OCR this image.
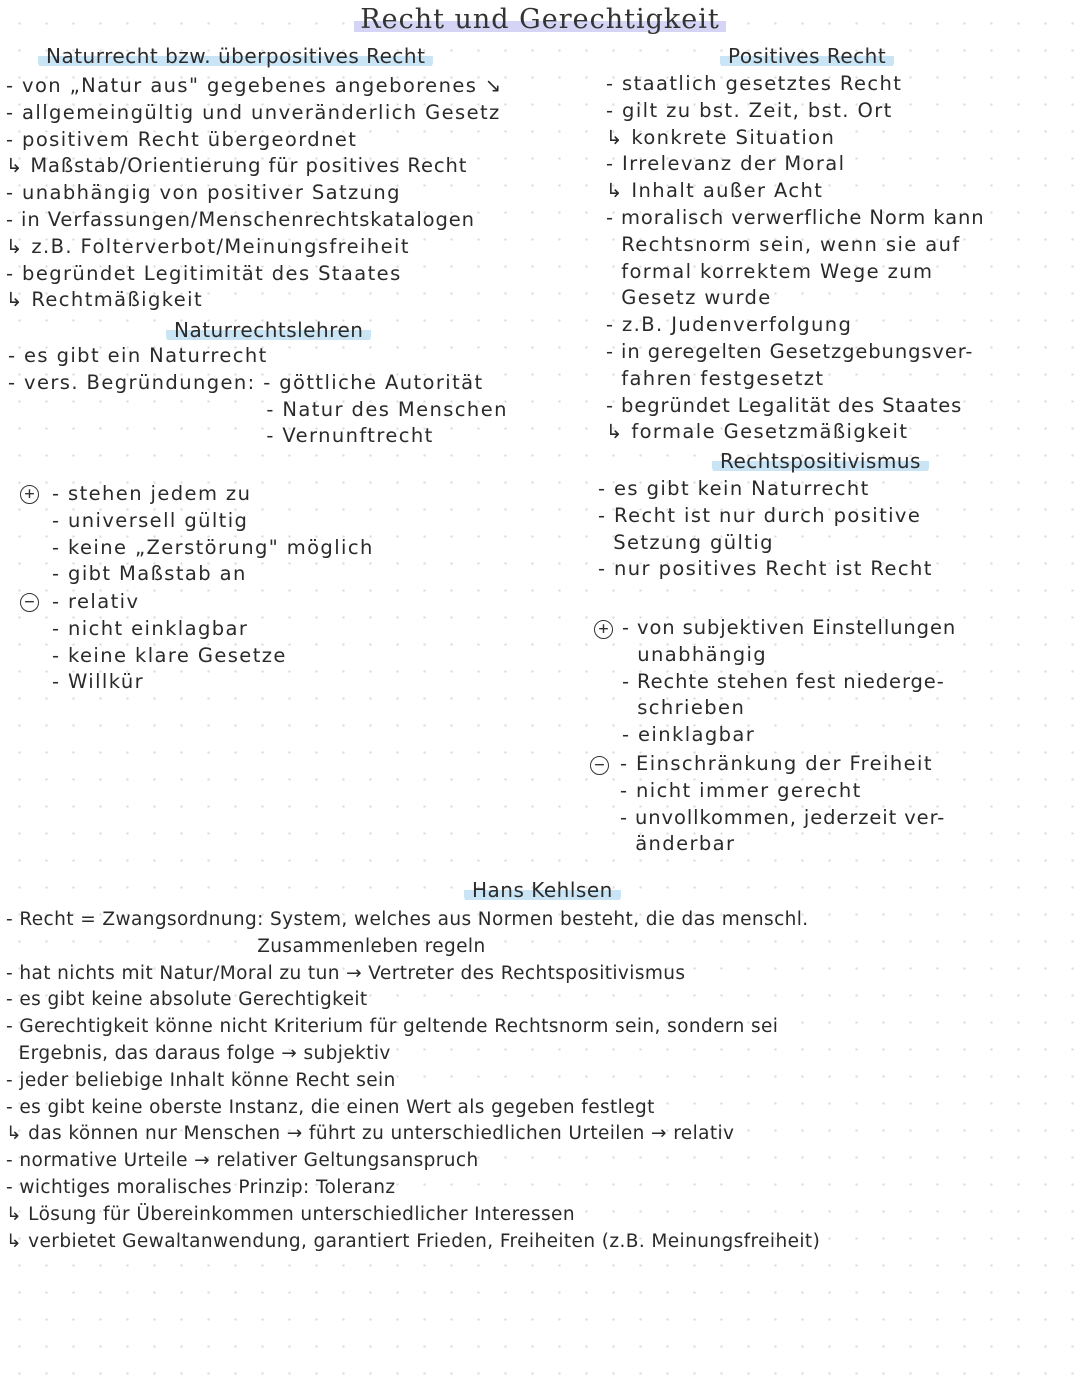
Recht und Gerechtigkeit
Naturrecht bzw. überpositives Recht
- von „Natur aus" gegebenes angeborenes ↘
- allgemeingültig und unveränderlich Gesetz
- positivem Recht übergeordnet
↳ Maßstab/Orientierung für positives Recht
- unabhängig von positiver Satzung
- in Verfassungen/Menschenrechtskatalogen
↳ z.B. Folterverbot/Meinungsfreiheit
- begründet Legitimität des Staates
↳ Rechtmäßigkeit
Naturrechtslehren
- es gibt ein Naturrecht
- vers. Begründungen: - göttliche Autorität
- Natur des Menschen
- Vernunftrecht
+ - stehen jedem zu
- universell gültig
- keine „Zerstörung" möglich
- gibt Maßstab an
− - relativ
- nicht einklagbar
- keine klare Gesetze
- Willkür
Positives Recht
- staatlich gesetztes Recht
- gilt zu bst. Zeit, bst. Ort
↳ konkrete Situation
- Irrelevanz der Moral
↳ Inhalt außer Acht
- moralisch verwerfliche Norm kann
Rechtsnorm sein, wenn sie auf
formal korrektem Wege zum
Gesetz wurde
- z.B. Judenverfolgung
- in geregelten Gesetzgebungsver-
fahren festgesetzt
- begründet Legalität des Staates
↳ formale Gesetzmäßigkeit
Rechtspositivismus
- es gibt kein Naturrecht
- Recht ist nur durch positive
Setzung gültig
- nur positives Recht ist Recht
+ - von subjektiven Einstellungen
unabhängig
- Rechte stehen fest niederge-
schrieben
- einklagbar
− - Einschränkung der Freiheit
- nicht immer gerecht
- unvollkommen, jederzeit ver-
änderbar
Hans Kehlsen
- Recht = Zwangsordnung: System, welches aus Normen besteht, die das menschl.
Zusammenleben regeln
- hat nichts mit Natur/Moral zu tun → Vertreter des Rechtspositivismus
- es gibt keine absolute Gerechtigkeit
- Gerechtigkeit könne nicht Kriterium für geltende Rechtsnorm sein, sondern sei
Ergebnis, das daraus folge → subjektiv
- jeder beliebige Inhalt könne Recht sein
- es gibt keine oberste Instanz, die einen Wert als gegeben festlegt
↳ das können nur Menschen → führt zu unterschiedlichen Urteilen → relativ
- normative Urteile → relativer Geltungsanspruch
- wichtiges moralisches Prinzip: Toleranz
↳ Lösung für Übereinkommen unterschiedlicher Interessen
↳ verbietet Gewaltanwendung, garantiert Frieden, Freiheiten (z.B. Meinungsfreiheit)
